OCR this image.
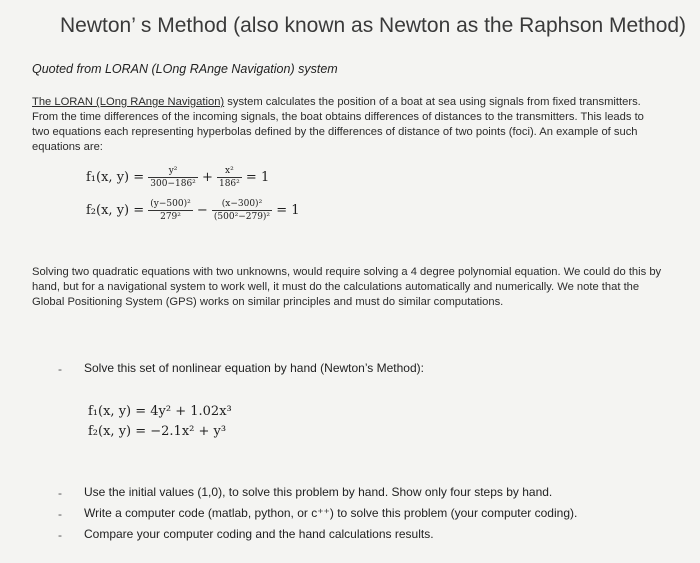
Newton’ s Method (also known as Newton as the Raphson Method)
Quoted from LORAN (LOng RAnge Navigation) system
The LORAN (LOng RAnge Navigation) system calculates the position of a boat at sea using signals from fixed transmitters. From the time differences of the incoming signals, the boat obtains differences of distances to the transmitters. This leads to two equations each representing hyperbolas defined by the differences of distance of two points (foci). An example of such equations are:
f₁(x, $y) = \frac{\text{y²}}{\text{300−186²}} + \frac{\text{x²}}{\text{186²}} = 1$
f₂(x, $y) = \frac{\text{(y−500)²}}{\text{279²}} - \frac{\text{(x−300)²}}{\text{(500²−279)²}} = 1$
Solving two quadratic equations with two unknowns, would require solving a 4 degree polynomial equation. We could do this by hand, but for a navigational system to work well, it must do the calculations automatically and numerically. We note that the Global Positioning System (GPS) works on similar principles and must do similar computations.
- Solve this set of nonlinear equation by hand (Newton’s Method):
f₁(x, y) = 4y² + 1.02x³
f₂(x, y) = −2.1x² + y³
- Use the initial values (1,0), to solve this problem by hand. Show only four steps by hand.
- Write a computer code (matlab, python, or c⁺⁺) to solve this problem (your computer coding).
- Compare your computer coding and the hand calculations results.
